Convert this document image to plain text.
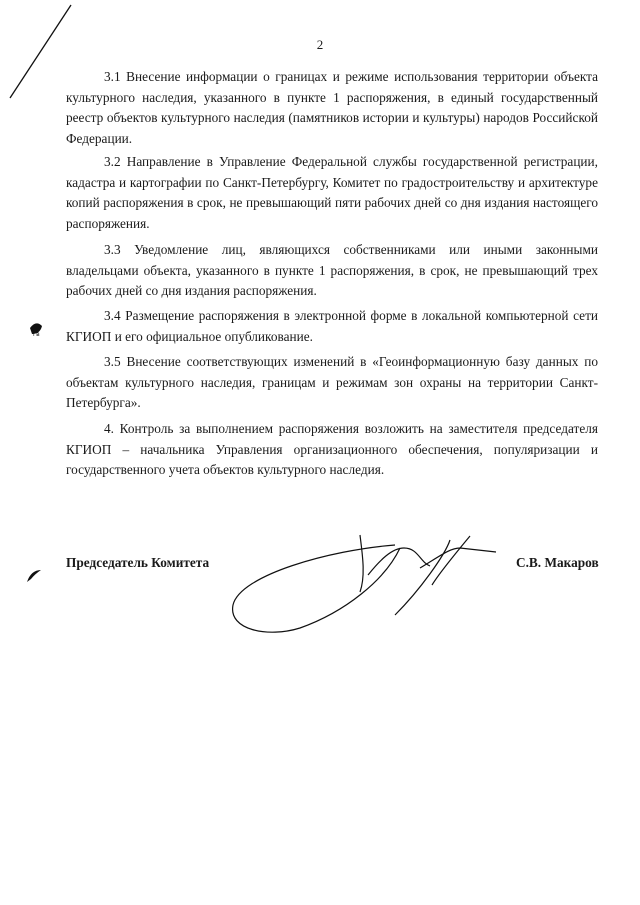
гв
2

3.1 Внесение информации о границах и режиме использования территории объекта культурного наследия, указанного в пункте 1 распоряжения, в единый государственный реестр объектов культурного наследия (памятников истории и культуры) народов Российской Федерации.

3.2 Направление в Управление Федеральной службы государственной регистрации, кадастра и картографии по Санкт-Петербургу, Комитет по градостроительству и архитектуре копий распоряжения в срок, не превышающий пяти рабочих дней со дня издания настоящего распоряжения.

3.3 Уведомление лиц, являющихся собственниками или иными законными владельцами объекта, указанного в пункте 1 распоряжения, в срок, не превышающий трех рабочих дней со дня издания распоряжения.

3.4 Размещение распоряжения в электронной форме в локальной компьютерной сети КГИОП и его официальное опубликование.

3.5 Внесение соответствующих изменений в «Геоинформационную базу данных по объектам культурного наследия, границам и режимам зон охраны на территории Санкт-Петербурга».

4. Контроль за выполнением распоряжения возложить на заместителя председателя КГИОП – начальника Управления организационного обеспечения, популяризации и государственного учета объектов культурного наследия.

Председатель Комитета	С.В. Макаров
